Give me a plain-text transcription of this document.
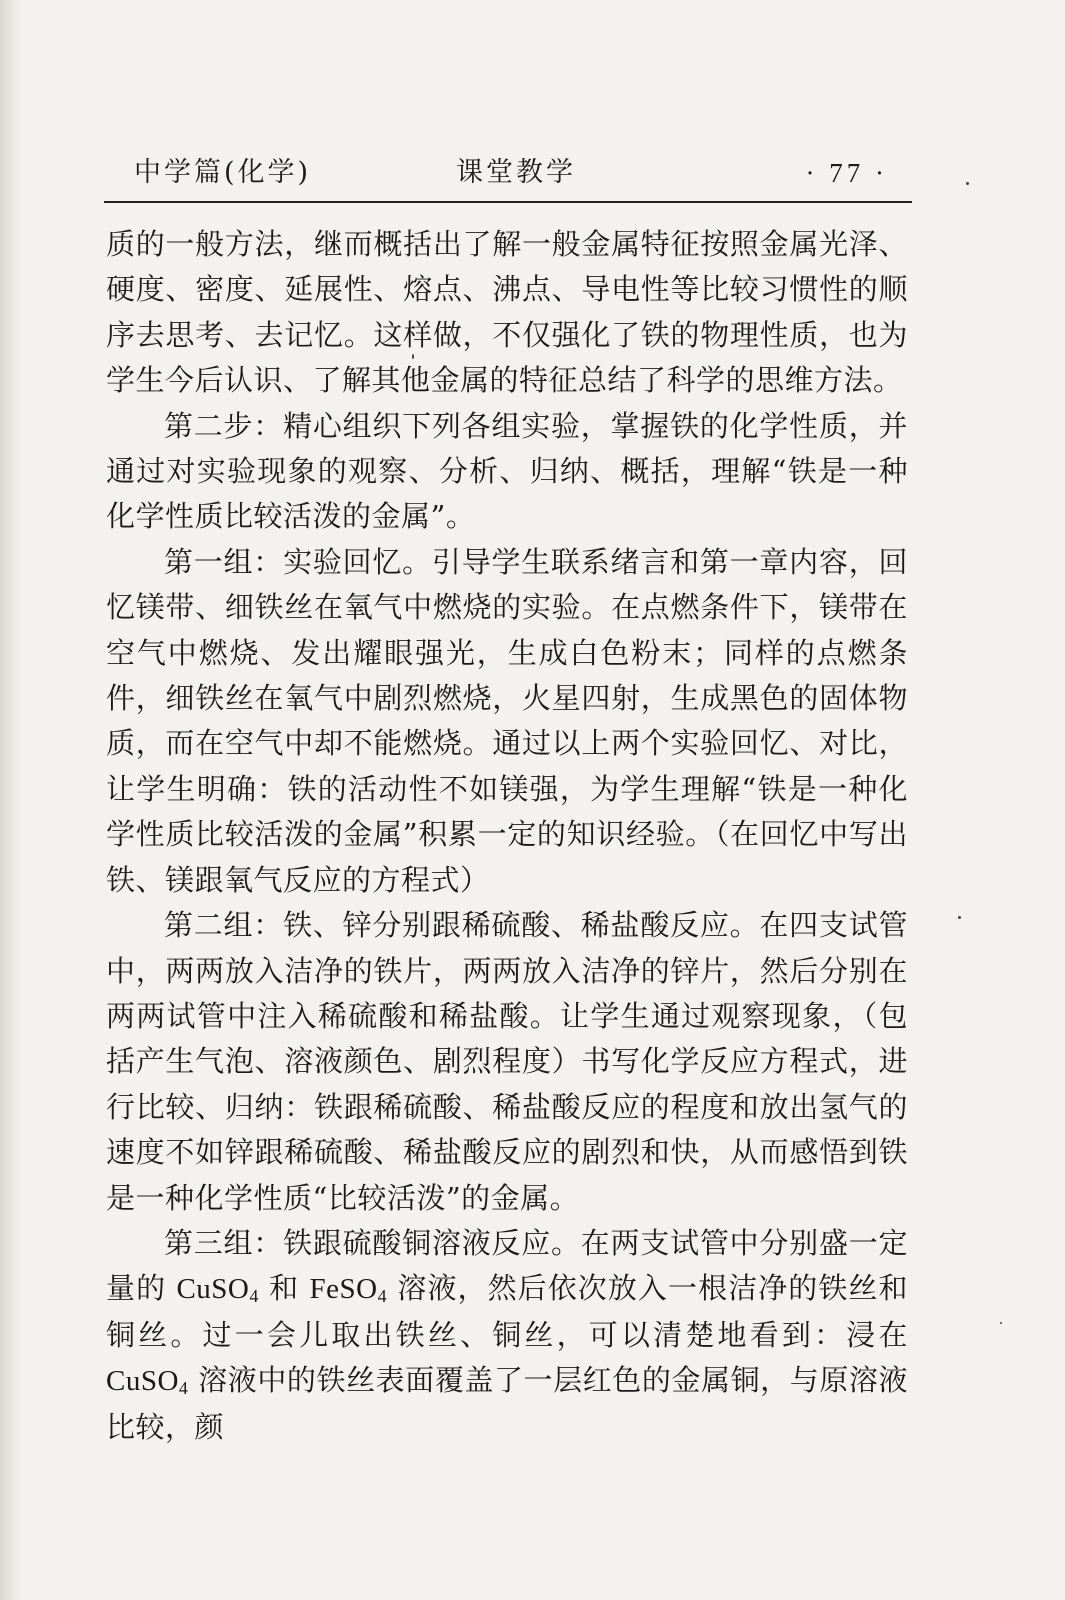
中学篇(化学)	课堂教学	· 77 ·

质的一般方法，继而概括出了解一般金属特征按照金属光泽、硬度、密度、延展性、熔点、沸点、导电性等比较习惯性的顺序去思考、去记忆。这样做，不仅强化了铁的物理性质，也为学生今后认识、了解其他金属的特征总结了科学的思维方法。

第二步：精心组织下列各组实验，掌握铁的化学性质，并通过对实验现象的观察、分析、归纳、概括，理解“铁是一种化学性质比较活泼的金属”。

第一组：实验回忆。引导学生联系绪言和第一章内容，回忆镁带、细铁丝在氧气中燃烧的实验。在点燃条件下，镁带在空气中燃烧、发出耀眼强光，生成白色粉末；同样的点燃条件，细铁丝在氧气中剧烈燃烧，火星四射，生成黑色的固体物质，而在空气中却不能燃烧。通过以上两个实验回忆、对比，让学生明确：铁的活动性不如镁强，为学生理解“铁是一种化学性质比较活泼的金属”积累一定的知识经验。（在回忆中写出铁、镁跟氧气反应的方程式）

第二组：铁、锌分别跟稀硫酸、稀盐酸反应。在四支试管中，两两放入洁净的铁片，两两放入洁净的锌片，然后分别在两两试管中注入稀硫酸和稀盐酸。让学生通过观察现象，（包括产生气泡、溶液颜色、剧烈程度）书写化学反应方程式，进行比较、归纳：铁跟稀硫酸、稀盐酸反应的程度和放出氢气的速度不如锌跟稀硫酸、稀盐酸反应的剧烈和快，从而感悟到铁是一种化学性质“比较活泼”的金属。

第三组：铁跟硫酸铜溶液反应。在两支试管中分别盛一定量的 CuSO$_4$ 和 FeSO$_4$ 溶液，然后依次放入一根洁净的铁丝和铜丝。过一会儿取出铁丝、铜丝，可以清楚地看到：浸在 CuSO$_4$ 溶液中的铁丝表面覆盖了一层红色的金属铜，与原溶液比较，颜
